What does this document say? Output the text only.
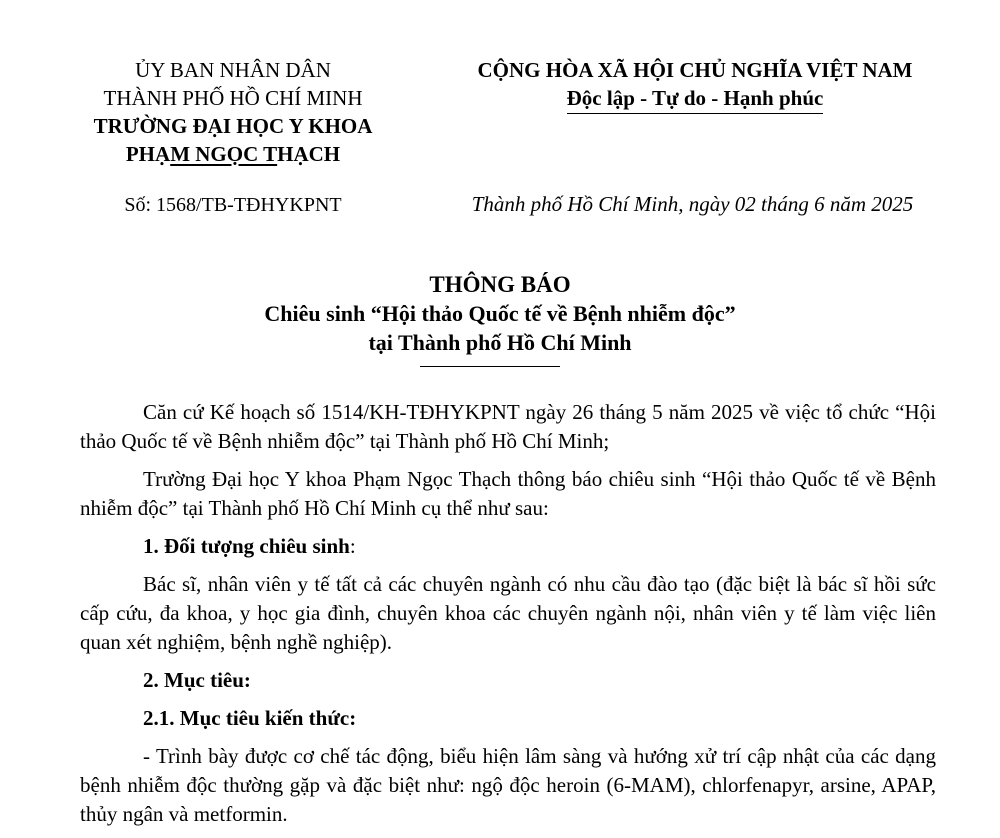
ỦY BAN NHÂN DÂN
THÀNH PHỐ HỒ CHÍ MINH
TRƯỜNG ĐẠI HỌC Y KHOA
PHẠM NGỌC THẠCH
CỘNG HÒA XÃ HỘI CHỦ NGHĨA VIỆT NAM
Độc lập - Tự do - Hạnh phúc
Số: 1568/TB-TĐHYKPNT	Thành phố Hồ Chí Minh, ngày 02 tháng 6 năm 2025
THÔNG BÁO
Chiêu sinh “Hội thảo Quốc tế về Bệnh nhiễm độc”
tại Thành phố Hồ Chí Minh

Căn cứ Kế hoạch số 1514/KH-TĐHYKPNT ngày 26 tháng 5 năm 2025 về việc tổ chức “Hội thảo Quốc tế về Bệnh nhiễm độc” tại Thành phố Hồ Chí Minh;

Trường Đại học Y khoa Phạm Ngọc Thạch thông báo chiêu sinh “Hội thảo Quốc tế về Bệnh nhiễm độc” tại Thành phố Hồ Chí Minh cụ thể như sau:

1. Đối tượng chiêu sinh:

Bác sĩ, nhân viên y tế tất cả các chuyên ngành có nhu cầu đào tạo (đặc biệt là bác sĩ hồi sức cấp cứu, đa khoa, y học gia đình, chuyên khoa các chuyên ngành nội, nhân viên y tế làm việc liên quan xét nghiệm, bệnh nghề nghiệp).

2. Mục tiêu:

2.1. Mục tiêu kiến thức:

- Trình bày được cơ chế tác động, biểu hiện lâm sàng và hướng xử trí cập nhật của các dạng bệnh nhiễm độc thường gặp và đặc biệt như: ngộ độc heroin (6-MAM), chlorfenapyr, arsine, APAP, thủy ngân và metformin.
